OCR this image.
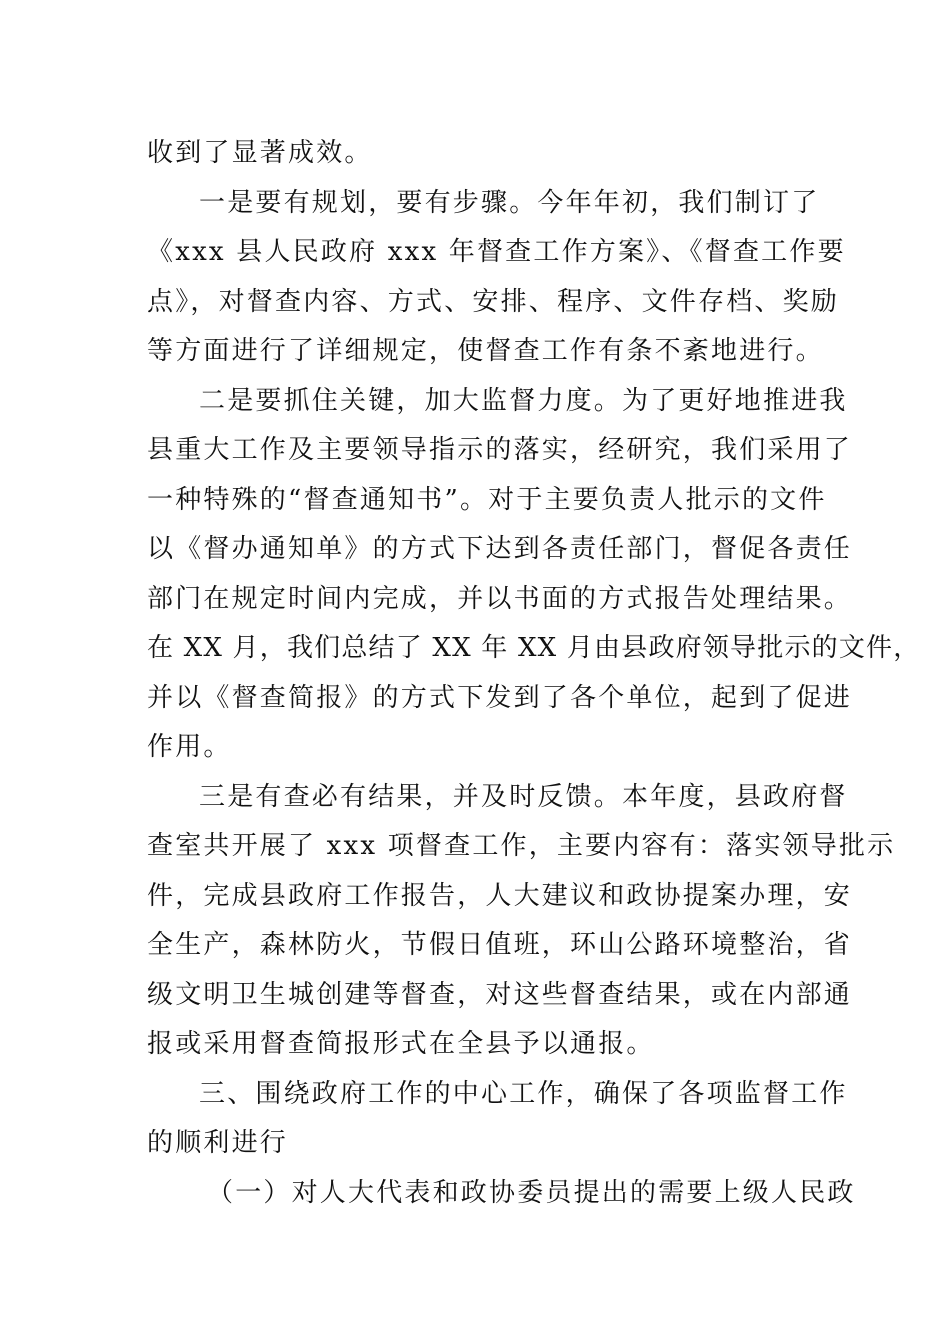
收到了显著成效。
一是要有规划，要有步骤。今年年初，我们制订了
《xxx 县人民政府 xxx 年督查工作方案》、《督查工作要
点》，对督查内容、方式、安排、程序、文件存档、奖励
等方面进行了详细规定，使督查工作有条不紊地进行。
二是要抓住关键，加大监督力度。为了更好地推进我
县重大工作及主要领导指示的落实，经研究，我们采用了
一种特殊的“督查通知书”。对于主要负责人批示的文件
以《督办通知单》的方式下达到各责任部门，督促各责任
部门在规定时间内完成，并以书面的方式报告处理结果。
在 XX 月，我们总结了 XX 年 XX 月由县政府领导批示的文件，
并以《督查简报》的方式下发到了各个单位，起到了促进
作用。
三是有查必有结果，并及时反馈。本年度，县政府督
查室共开展了 xxx 项督查工作，主要内容有：落实领导批示
件，完成县政府工作报告，人大建议和政协提案办理，安
全生产，森林防火，节假日值班，环山公路环境整治，省
级文明卫生城创建等督查，对这些督查结果，或在内部通
报或采用督查简报形式在全县予以通报。
三、围绕政府工作的中心工作，确保了各项监督工作
的顺利进行
（一）对人大代表和政协委员提出的需要上级人民政
